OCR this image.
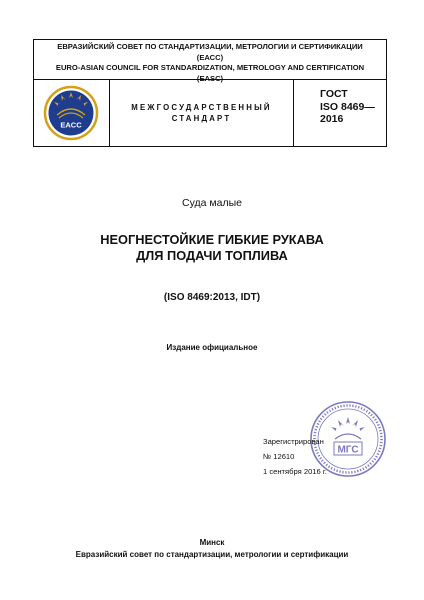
ЕВРАЗИЙСКИЙ СОВЕТ ПО СТАНДАРТИЗАЦИИ, МЕТРОЛОГИИ И СЕРТИФИКАЦИИ
(ЕАСС)
EURO-ASIAN COUNCIL FOR STANDARDIZATION, METROLOGY AND CERTIFICATION
(EASC)
EACC
МЕЖГОСУДАРСТВЕННЫЙ
СТАНДАРТ
ГОСТ
ISO 8469—
2016
Суда малые
НЕОГНЕСТОЙКИЕ ГИБКИЕ РУКАВА
ДЛЯ ПОДАЧИ ТОПЛИВА
(ISO 8469:2013, IDT)
Издание официальное
МГС
Зарегистрирован
№ 12610
1 сентября 2016 г.
Минск
Евразийский совет по стандартизации, метрологии и сертификации
